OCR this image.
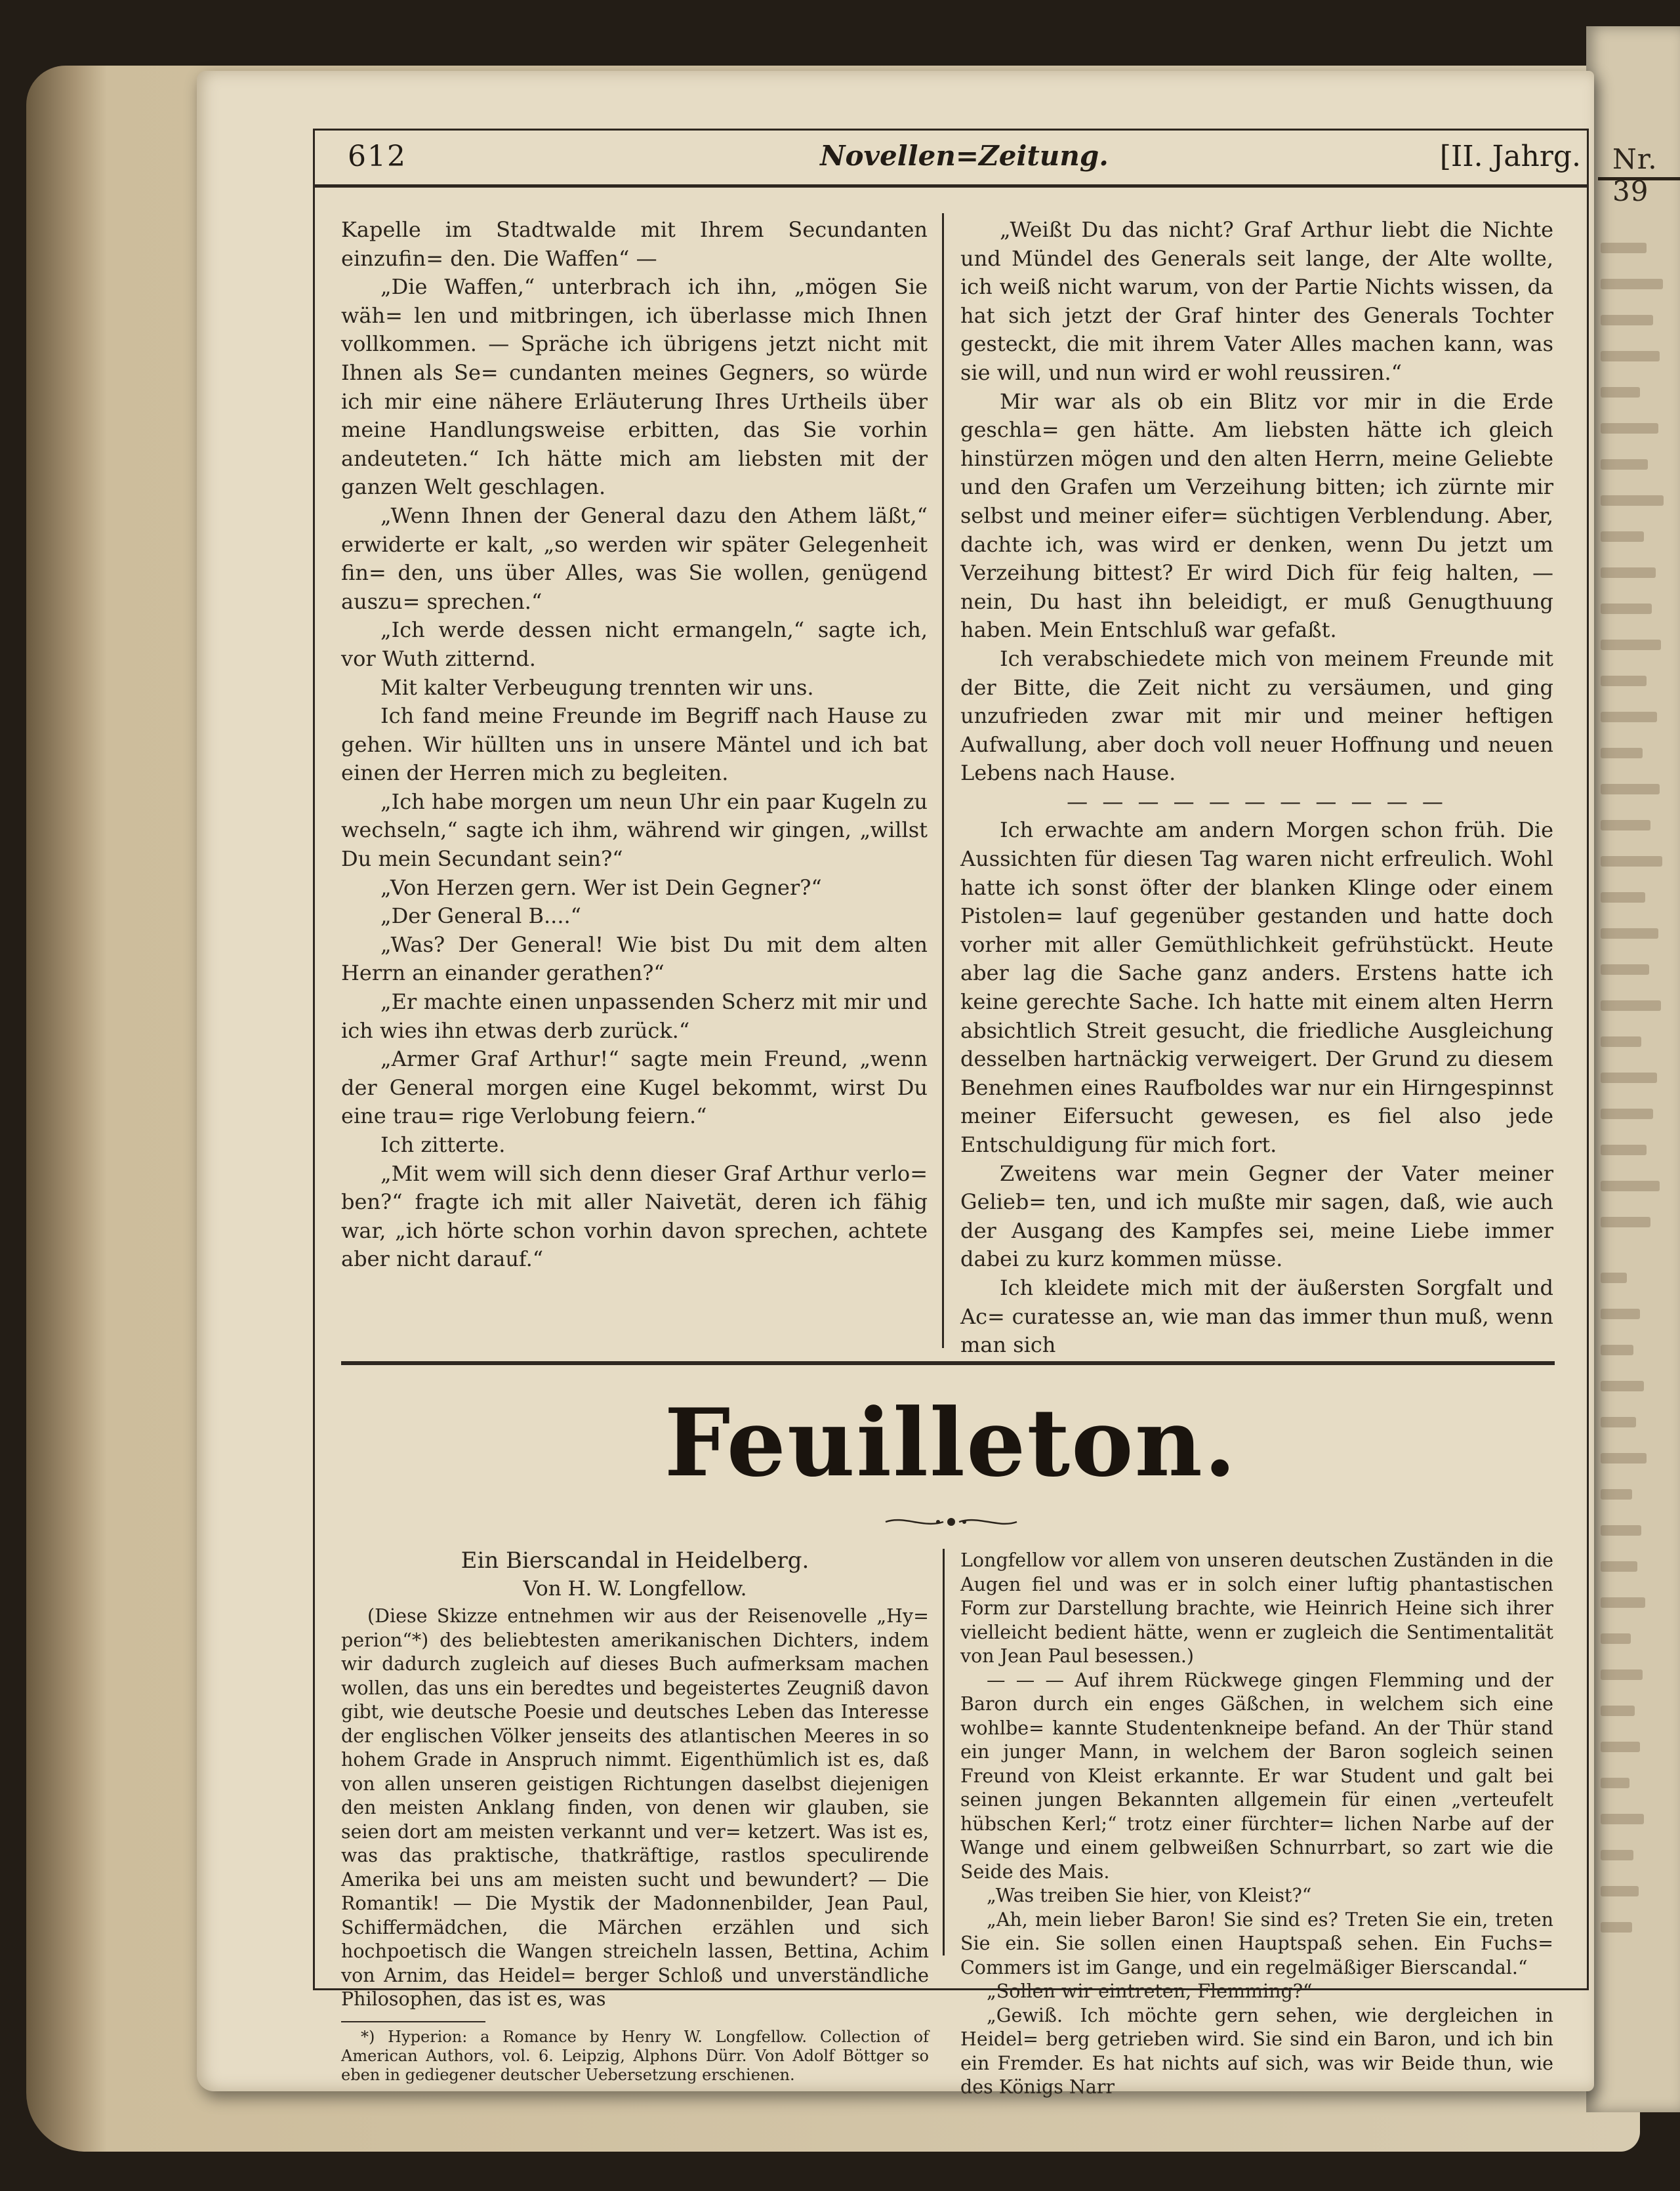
Nr. 39
612	Novellen=Zeitung.	[II. Jahrg.

Kapelle im Stadtwalde mit Ihrem Secundanten einzufin= den. Die Waffen“ —

„Die Waffen,“ unterbrach ich ihn, „mögen Sie wäh= len und mitbringen, ich überlasse mich Ihnen vollkommen. — Spräche ich übrigens jetzt nicht mit Ihnen als Se= cundanten meines Gegners, so würde ich mir eine nähere Erläuterung Ihres Urtheils über meine Handlungsweise erbitten, das Sie vorhin andeuteten.“ Ich hätte mich am liebsten mit der ganzen Welt geschlagen.

„Wenn Ihnen der General dazu den Athem läßt,“ erwiderte er kalt, „so werden wir später Gelegenheit fin= den, uns über Alles, was Sie wollen, genügend auszu= sprechen.“

„Ich werde dessen nicht ermangeln,“ sagte ich, vor Wuth zitternd.

Mit kalter Verbeugung trennten wir uns.

Ich fand meine Freunde im Begriff nach Hause zu gehen. Wir hüllten uns in unsere Mäntel und ich bat einen der Herren mich zu begleiten.

„Ich habe morgen um neun Uhr ein paar Kugeln zu wechseln,“ sagte ich ihm, während wir gingen, „willst Du mein Secundant sein?“

„Von Herzen gern. Wer ist Dein Gegner?“

„Der General B....“

„Was? Der General! Wie bist Du mit dem alten Herrn an einander gerathen?“

„Er machte einen unpassenden Scherz mit mir und ich wies ihn etwas derb zurück.“

„Armer Graf Arthur!“ sagte mein Freund, „wenn der General morgen eine Kugel bekommt, wirst Du eine trau= rige Verlobung feiern.“

Ich zitterte.

„Mit wem will sich denn dieser Graf Arthur verlo= ben?“ fragte ich mit aller Naivetät, deren ich fähig war, „ich hörte schon vorhin davon sprechen, achtete aber nicht darauf.“

„Weißt Du das nicht? Graf Arthur liebt die Nichte und Mündel des Generals seit lange, der Alte wollte, ich weiß nicht warum, von der Partie Nichts wissen, da hat sich jetzt der Graf hinter des Generals Tochter gesteckt, die mit ihrem Vater Alles machen kann, was sie will, und nun wird er wohl reussiren.“

Mir war als ob ein Blitz vor mir in die Erde geschla= gen hätte. Am liebsten hätte ich gleich hinstürzen mögen und den alten Herrn, meine Geliebte und den Grafen um Verzeihung bitten; ich zürnte mir selbst und meiner eifer= süchtigen Verblendung. Aber, dachte ich, was wird er denken, wenn Du jetzt um Verzeihung bittest? Er wird Dich für feig halten, — nein, Du hast ihn beleidigt, er muß Genugthuung haben. Mein Entschluß war gefaßt.

Ich verabschiedete mich von meinem Freunde mit der Bitte, die Zeit nicht zu versäumen, und ging unzufrieden zwar mit mir und meiner heftigen Aufwallung, aber doch voll neuer Hoffnung und neuen Lebens nach Hause.

— — — — — — — — — — —

Ich erwachte am andern Morgen schon früh. Die Aussichten für diesen Tag waren nicht erfreulich. Wohl hatte ich sonst öfter der blanken Klinge oder einem Pistolen= lauf gegenüber gestanden und hatte doch vorher mit aller Gemüthlichkeit gefrühstückt. Heute aber lag die Sache ganz anders. Erstens hatte ich keine gerechte Sache. Ich hatte mit einem alten Herrn absichtlich Streit gesucht, die friedliche Ausgleichung desselben hartnäckig verweigert. Der Grund zu diesem Benehmen eines Raufboldes war nur ein Hirngespinnst meiner Eifersucht gewesen, es fiel also jede Entschuldigung für mich fort.

Zweitens war mein Gegner der Vater meiner Gelieb= ten, und ich mußte mir sagen, daß, wie auch der Ausgang des Kampfes sei, meine Liebe immer dabei zu kurz kommen müsse.

Ich kleidete mich mit der äußersten Sorgfalt und Ac= curatesse an, wie man das immer thun muß, wenn man sich

Feuilleton.

Ein Bierscandal in Heidelberg.

Von H. W. Longfellow.

(Diese Skizze entnehmen wir aus der Reisenovelle „Hy= perion“*) des beliebtesten amerikanischen Dichters, indem wir dadurch zugleich auf dieses Buch aufmerksam machen wollen, das uns ein beredtes und begeistertes Zeugniß davon gibt, wie deutsche Poesie und deutsches Leben das Interesse der englischen Völker jenseits des atlantischen Meeres in so hohem Grade in Anspruch nimmt. Eigenthümlich ist es, daß von allen unseren geistigen Richtungen daselbst diejenigen den meisten Anklang finden, von denen wir glauben, sie seien dort am meisten verkannt und ver= ketzert. Was ist es, was das praktische, thatkräftige, rastlos speculirende Amerika bei uns am meisten sucht und bewundert? — Die Romantik! — Die Mystik der Madonnenbilder, Jean Paul, Schiffermädchen, die Märchen erzählen und sich hochpoetisch die Wangen streicheln lassen, Bettina, Achim von Arnim, das Heidel= berger Schloß und unverständliche Philosophen, das ist es, was

*) Hyperion: a Romance by Henry W. Longfellow. Collection of American Authors, vol. 6. Leipzig, Alphons Dürr. Von Adolf Böttger so eben in gediegener deutscher Uebersetzung erschienen.

Longfellow vor allem von unseren deutschen Zuständen in die Augen fiel und was er in solch einer luftig phantastischen Form zur Darstellung brachte, wie Heinrich Heine sich ihrer vielleicht bedient hätte, wenn er zugleich die Sentimentalität von Jean Paul besessen.)

— — — Auf ihrem Rückwege gingen Flemming und der Baron durch ein enges Gäßchen, in welchem sich eine wohlbe= kannte Studentenkneipe befand. An der Thür stand ein junger Mann, in welchem der Baron sogleich seinen Freund von Kleist erkannte. Er war Student und galt bei seinen jungen Bekannten allgemein für einen „verteufelt hübschen Kerl;“ trotz einer fürchter= lichen Narbe auf der Wange und einem gelbweißen Schnurrbart, so zart wie die Seide des Mais.

„Was treiben Sie hier, von Kleist?“

„Ah, mein lieber Baron! Sie sind es? Treten Sie ein, treten Sie ein. Sie sollen einen Hauptspaß sehen. Ein Fuchs= Commers ist im Gange, und ein regelmäßiger Bierscandal.“

„Sollen wir eintreten, Flemming?“

„Gewiß. Ich möchte gern sehen, wie dergleichen in Heidel= berg getrieben wird. Sie sind ein Baron, und ich bin ein Fremder. Es hat nichts auf sich, was wir Beide thun, wie des Königs Narr
